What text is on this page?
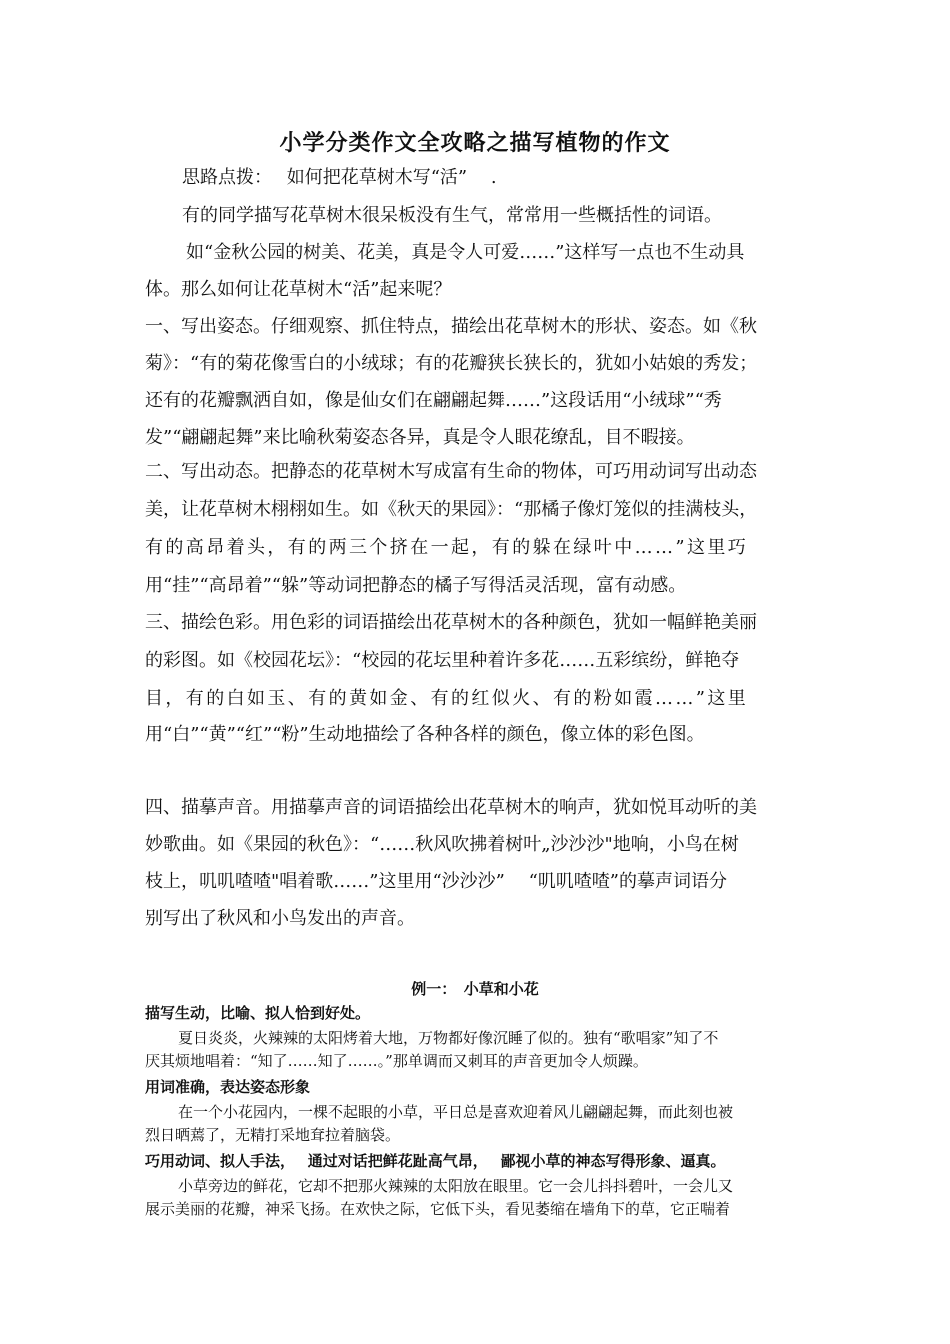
小学分类作文全攻略之描写植物的作文

思路点拨：　 如何把花草树木写“活”　 .

有的同学描写花草树木很呆板没有生气，常常用一些概括性的词语。

如“金秋公园的树美、花美，真是令人可爱……”这样写一点也不生动具

体。那么如何让花草树木“活”起来呢？

一、写出姿态。仔细观察、抓住特点，描绘出花草树木的形状、姿态。如《秋

菊》：“有的菊花像雪白的小绒球；有的花瓣狭长狭长的，犹如小姑娘的秀发；

还有的花瓣飘洒自如，像是仙女们在翩翩起舞……”这段话用“小绒球”“秀

发”“翩翩起舞”来比喻秋菊姿态各异，真是令人眼花缭乱，目不暇接。

二、写出动态。把静态的花草树木写成富有生命的物体，可巧用动词写出动态

美，让花草树木栩栩如生。如《秋天的果园》：“那橘子像灯笼似的挂满枝头，

有的高昂着头，有的两三个挤在一起，有的躲在绿叶中……”这里巧

用“挂”“高昂着”“躲”等动词把静态的橘子写得活灵活现，富有动感。

三、描绘色彩。用色彩的词语描绘出花草树木的各种颜色，犹如一幅鲜艳美丽

的彩图。如《校园花坛》：“校园的花坛里种着许多花……五彩缤纷，鲜艳夺

目，有的白如玉、有的黄如金、有的红似火、有的粉如霞……”这里

用“白”“黄”“红”“粉”生动地描绘了各种各样的颜色，像立体的彩色图。

四、描摹声音。用描摹声音的词语描绘出花草树木的响声，犹如悦耳动听的美

妙歌曲。如《果园的秋色》：“……秋风吹拂着树叶„沙沙沙"地响，小鸟在树

枝上，叽叽喳喳"唱着歌……”这里用“沙沙沙”　 “叽叽喳喳”的摹声词语分

别写出了秋风和小鸟发出的声音。

例一：　小草和小花

描写生动，比喻、拟人恰到好处。

夏日炎炎，火辣辣的太阳烤着大地，万物都好像沉睡了似的。独有“歌唱家”知了不

厌其烦地唱着：“知了……知了……。”那单调而又刺耳的声音更加令人烦躁。

用词准确，表达姿态形象

在一个小花园内，一棵不起眼的小草，平日总是喜欢迎着风儿翩翩起舞，而此刻也被

烈日晒蔫了，无精打采地耷拉着脑袋。

巧用动词、拟人手法，　 通过对话把鲜花趾高气昂，　 鄙视小草的神态写得形象、逼真。

小草旁边的鲜花，它却不把那火辣辣的太阳放在眼里。它一会儿抖抖碧叶，一会儿又

展示美丽的花瓣，神采飞扬。在欢快之际，它低下头，看见萎缩在墙角下的草，它正喘着
